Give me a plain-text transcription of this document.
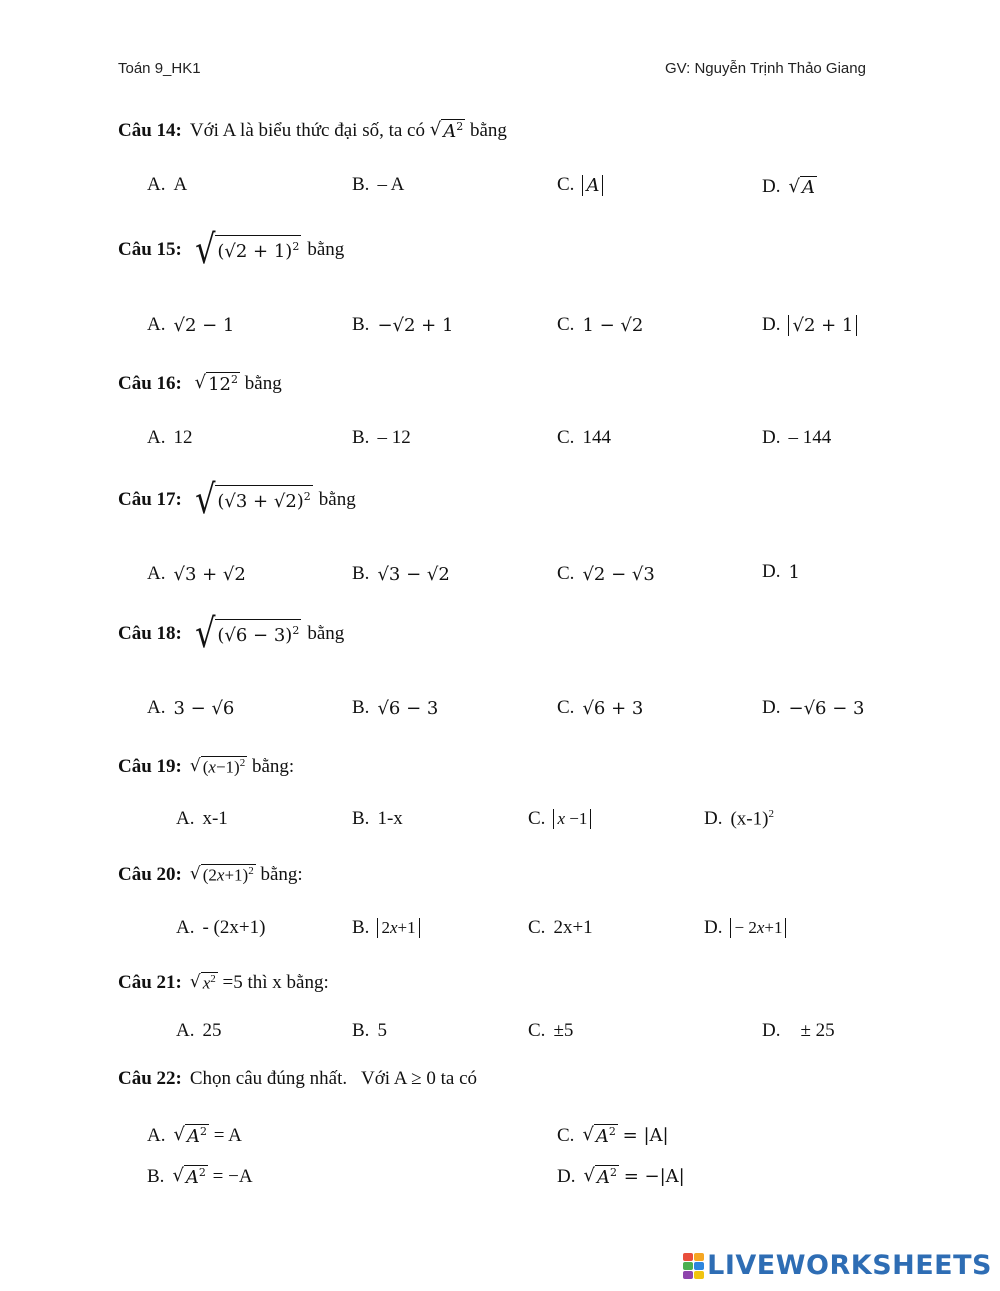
Toán 9_HK1	GV: Nguyễn Trịnh Thảo Giang
Câu 14: Với A là biểu thức đại số, ta có
√ $A^2$
bằng
A. A	B. – A	C. A	D. √ A
Câu 15: √ $(√2 + 1)^2$ bằng
A. √2 − 1	B. −√2 + 1	C. 1 − √2	D. √2 + 1
Câu 16:
√ $12^2$
bằng
A. 12	B. – 12	C. 144	D. – 144
Câu 17: √ $(√3 + √2)^2$ bằng
A. √3 + √2	B. √3 − √2	C. √2 − √3	D. 1
Câu 18: √ $(√6 - 3)^2$ bằng
A. 3 − √6	B. √6 − 3	C. √6 + 3	D. −√6 − 3
Câu 19: √ $(x-1)^2$
bằng:
A. x-1	B. 1-x	C. x −1	D. $(x-1)^2$
Câu 20: √ $(2x+1)^2$
bằng:
A. - (2x+1)	B. 2x+1	C. 2x+1	D. − 2x+1
Câu 21: √ $x^2$
=5 thì x bằng:
A. 25	B. 5	C. ±5	D. ± 25
Câu 22: Chọn câu đúng nhất.   Với A ≥ 0 ta có
A. √ $A^2$
= A	C. √ $A^2$
= |A|
B. √ $A^2$
= −A	D. √ $A^2$
= −|A|
LIVEWORKSHEETS
